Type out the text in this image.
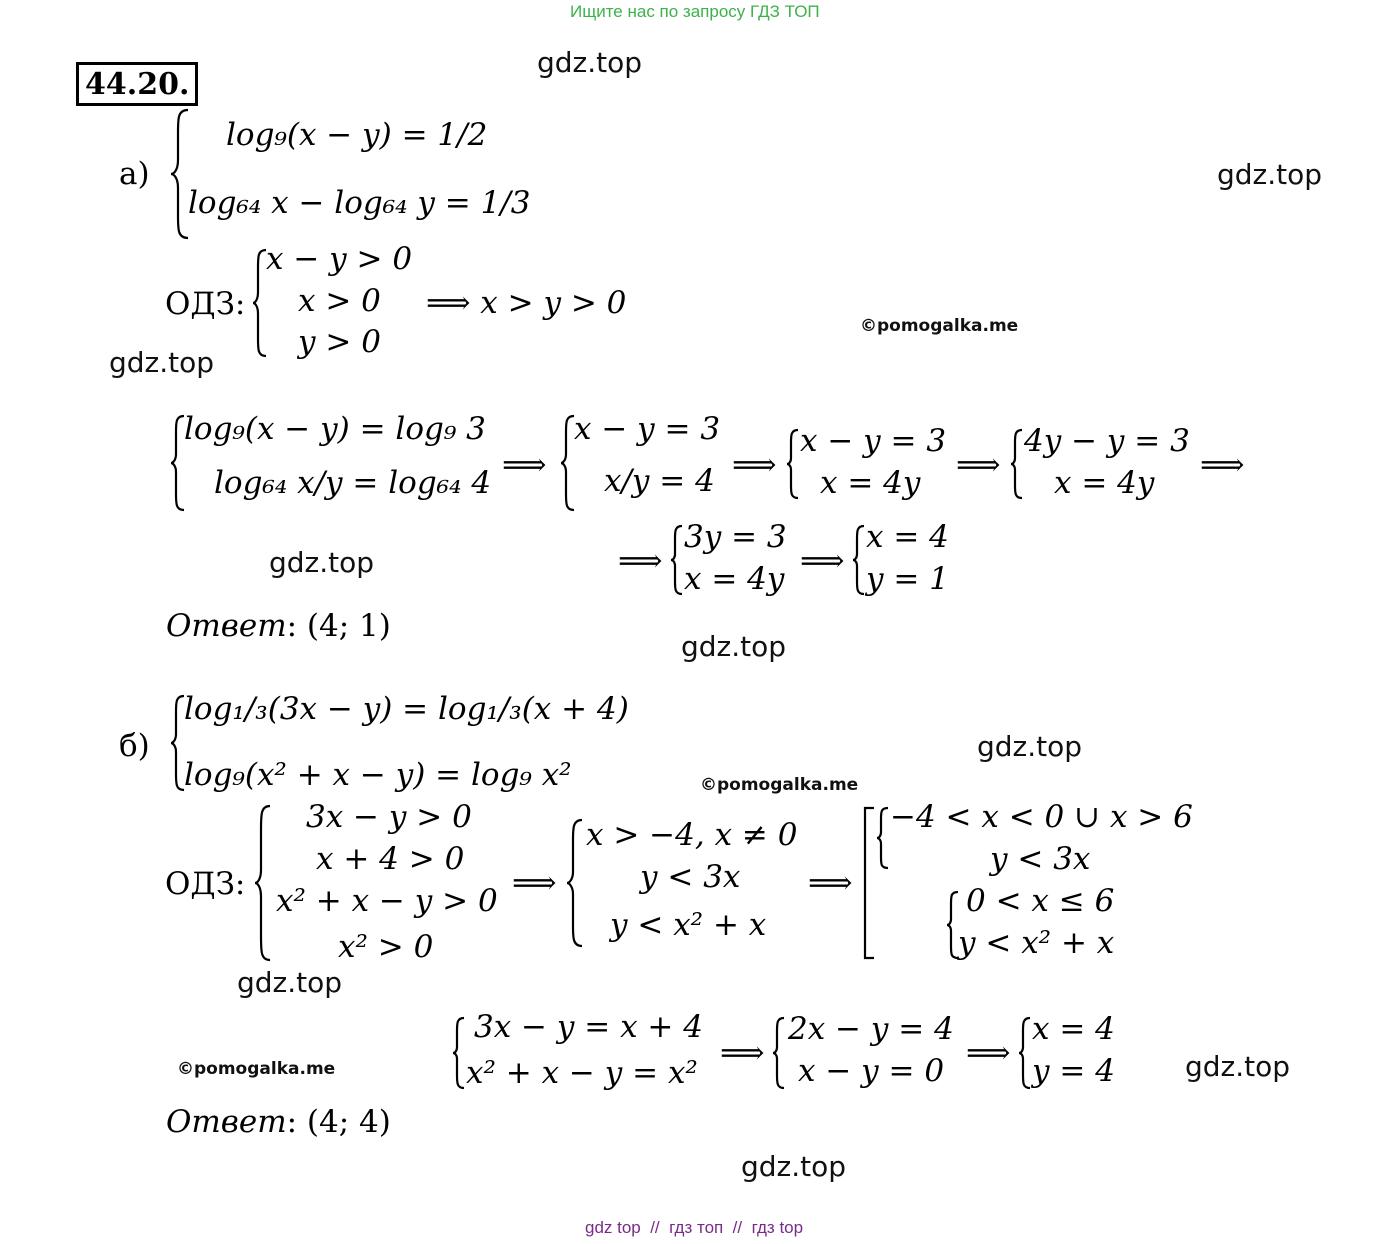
Ищите нас по запросу ГДЗ ТОП
44.20.
gdz.top
gdz.top
gdz.top
gdz.top
gdz.top
gdz.top
gdz.top
gdz.top
gdz.top
©pomogalka.me
©pomogalka.me
©pomogalka.me
а)
log₉(x − y) = 1/2
log₆₄ x − log₆₄ y = 1/3
ОДЗ:
x − y > 0
x > 0
y > 0
⟹ x > y > 0
log₉(x − y) = log₉ 3
log₆₄ x/y = log₆₄ 4 ⟹
x − y = 3
x/y = 4 ⟹
x − y = 3
x = 4y ⟹
4y − y = 3
x = 4y ⟹
⟹
3y = 3
x = 4y ⟹
x = 4
y = 1
Ответ: (4; 1)
б)
log₁/₃(3x − y) = log₁/₃(x + 4)
log₉(x² + x − y) = log₉ x²
ОДЗ:
3x − y > 0
x + 4 > 0
x² + x − y > 0
x² > 0
⟹
x > −4, x ≠ 0
y < 3x
y < x² + x
⟹
−4 < x < 0 ∪ x > 6
y < 3x
0 < x ≤ 6
y < x² + x
3x − y = x + 4
x² + x − y = x²
⟹
2x − y = 4
x − y = 0 ⟹
x = 4
y = 4
Ответ: (4; 4)
gdz top  //  гдз топ  //  гдз top
